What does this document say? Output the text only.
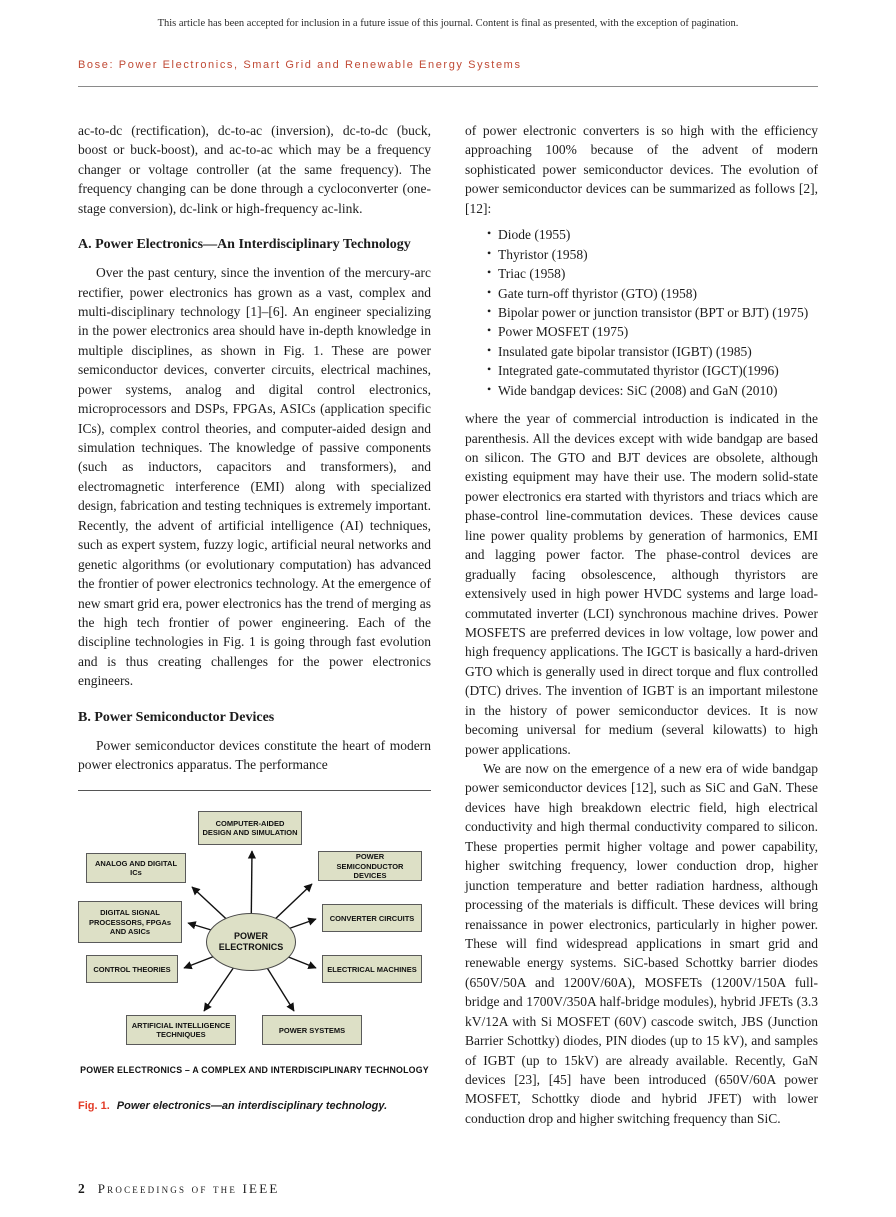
This article has been accepted for inclusion in a future issue of this journal. Content is final as presented, with the exception of pagination.
Bose: Power Electronics, Smart Grid and Renewable Energy Systems

ac-to-dc (rectification), dc-to-ac (inversion), dc-to-dc (buck, boost or buck-boost), and ac-to-ac which may be a frequency changer or voltage controller (at the same frequency). The frequency changing can be done through a cycloconverter (one-stage conversion), dc-link or high-frequency ac-link.

A. Power Electronics—An Interdisciplinary Technology

Over the past century, since the invention of the mercury-arc rectifier, power electronics has grown as a vast, complex and multi-disciplinary technology [1]–[6]. An engineer specializing in the power electronics area should have in-depth knowledge in multiple disciplines, as shown in Fig. 1. These are power semiconductor devices, converter circuits, electrical machines, power systems, analog and digital control electronics, microprocessors and DSPs, FPGAs, ASICs (application specific ICs), complex control theories, and computer-aided design and simulation techniques. The knowledge of passive components (such as inductors, capacitors and transformers), and electromagnetic interference (EMI) along with specialized design, fabrication and testing techniques is extremely important. Recently, the advent of artificial intelligence (AI) techniques, such as expert system, fuzzy logic, artificial neural networks and genetic algorithms (or evolutionary computation) has advanced the frontier of power electronics technology. At the emergence of new smart grid era, power electronics has the trend of merging as the high tech frontier of power engineering. Each of the discipline technologies in Fig. 1 is going through fast evolution and is thus creating challenges for the power electronics engineers.

B. Power Semiconductor Devices

Power semiconductor devices constitute the heart of modern power electronics apparatus. The performance

COMPUTER-AIDED DESIGN AND SIMULATION
ANALOG AND DIGITAL ICs
POWER SEMICONDUCTOR DEVICES
DIGITAL SIGNAL PROCESSORS, FPGAs AND ASICs
CONVERTER CIRCUITS
CONTROL THEORIES	ELECTRICAL MACHINES
ARTIFICIAL INTELLIGENCE TECHNIQUES
POWER SYSTEMS
POWER ELECTRONICS
POWER ELECTRONICS – A COMPLEX AND INTERDISCIPLINARY TECHNOLOGY
Fig. 1. Power electronics—an interdisciplinary technology.

of power electronic converters is so high with the efficiency approaching 100% because of the advent of modern sophisticated power semiconductor devices. The evolution of power semiconductor devices can be summarized as follows [2], [12]:

• Diode (1955)
• Thyristor (1958)
• Triac (1958)
• Gate turn-off thyristor (GTO) (1958)
• Bipolar power or junction transistor (BPT or BJT) (1975)
• Power MOSFET (1975)
• Insulated gate bipolar transistor (IGBT) (1985)
• Integrated gate-commutated thyristor (IGCT)(1996)
• Wide bandgap devices: SiC (2008) and GaN (2010)

where the year of commercial introduction is indicated in the parenthesis. All the devices except with wide bandgap are based on silicon. The GTO and BJT devices are obsolete, although existing equipment may have their use. The modern solid-state power electronics era started with thyristors and triacs which are phase-control line-commutation devices. These devices cause line power quality problems by generation of harmonics, EMI and lagging power factor. The phase-control devices are gradually facing obsolescence, although thyristors are extensively used in high power HVDC systems and large load-commutated inverter (LCI) synchronous machine drives. Power MOSFETS are preferred devices in low voltage, low power and high frequency applications. The IGCT is basically a hard-driven GTO which is generally used in direct torque and flux controlled (DTC) drives. The invention of IGBT is an important milestone in the history of power semiconductor devices. It is now becoming universal for medium (several kilowatts) to high power applications.

We are now on the emergence of a new era of wide bandgap power semiconductor devices [12], such as SiC and GaN. These devices have high breakdown electric field, high electrical conductivity and high thermal conductivity compared to silicon. These properties permit higher voltage and power capability, higher switching frequency, lower conduction drop, higher junction temperature and better radiation hardness, although processing of the materials is difficult. These devices will bring renaissance in power electronics, particularly in higher power. These will find widespread applications in smart grid and renewable energy systems. SiC-based Schottky barrier diodes (650V/50A and 1200V/60A), MOSFETs (1200V/150A full-bridge and 1700V/350A half-bridge modules), hybrid JFETs (3.3 kV/12A with Si MOSFET (60V) cascode switch, JBS (Junction Barrier Schottky) diodes, PIN diodes (up to 15 kV), and samples of IGBT (up to 15kV) are already available. Recently, GaN devices [23], [45] have been introduced (650V/60A power MOSFET, Schottky diode and hybrid JFET) with lower conduction drop and higher switching frequency than SiC.

2 Proceedings of the IEEE
